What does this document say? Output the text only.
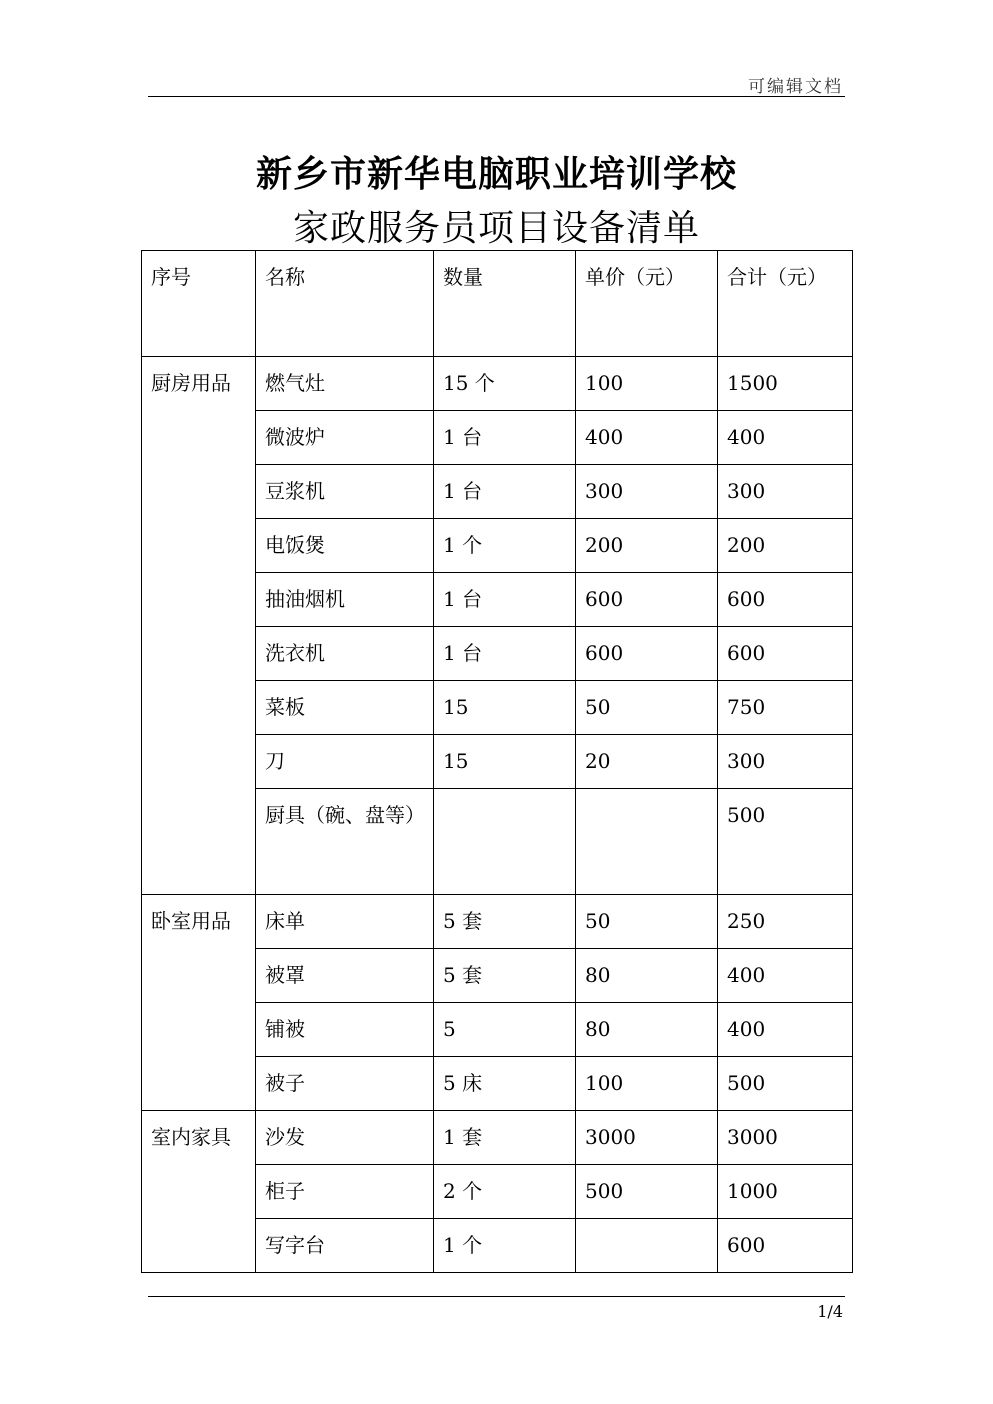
可编辑文档
新乡市新华电脑职业培训学校
家政服务员项目设备清单
序号	名称	数量	单价（元）	合计（元）
厨房用品	燃气灶	15 个	100	1500
	微波炉	1 台	400	400
	豆浆机	1 台	300	300
	电饭煲	1 个	200	200
	抽油烟机	1 台	600	600
	洗衣机	1 台	600	600
	菜板	15	50	750
	刀	15	20	300
	厨具（碗、盘等）			500
卧室用品	床单	5 套	50	250
	被罩	5 套	80	400
	铺被	5	80	400
	被子	5 床	100	500
室内家具	沙发	1 套	3000	3000
	柜子	2 个	500	1000
	写字台	1 个		600
1/4
